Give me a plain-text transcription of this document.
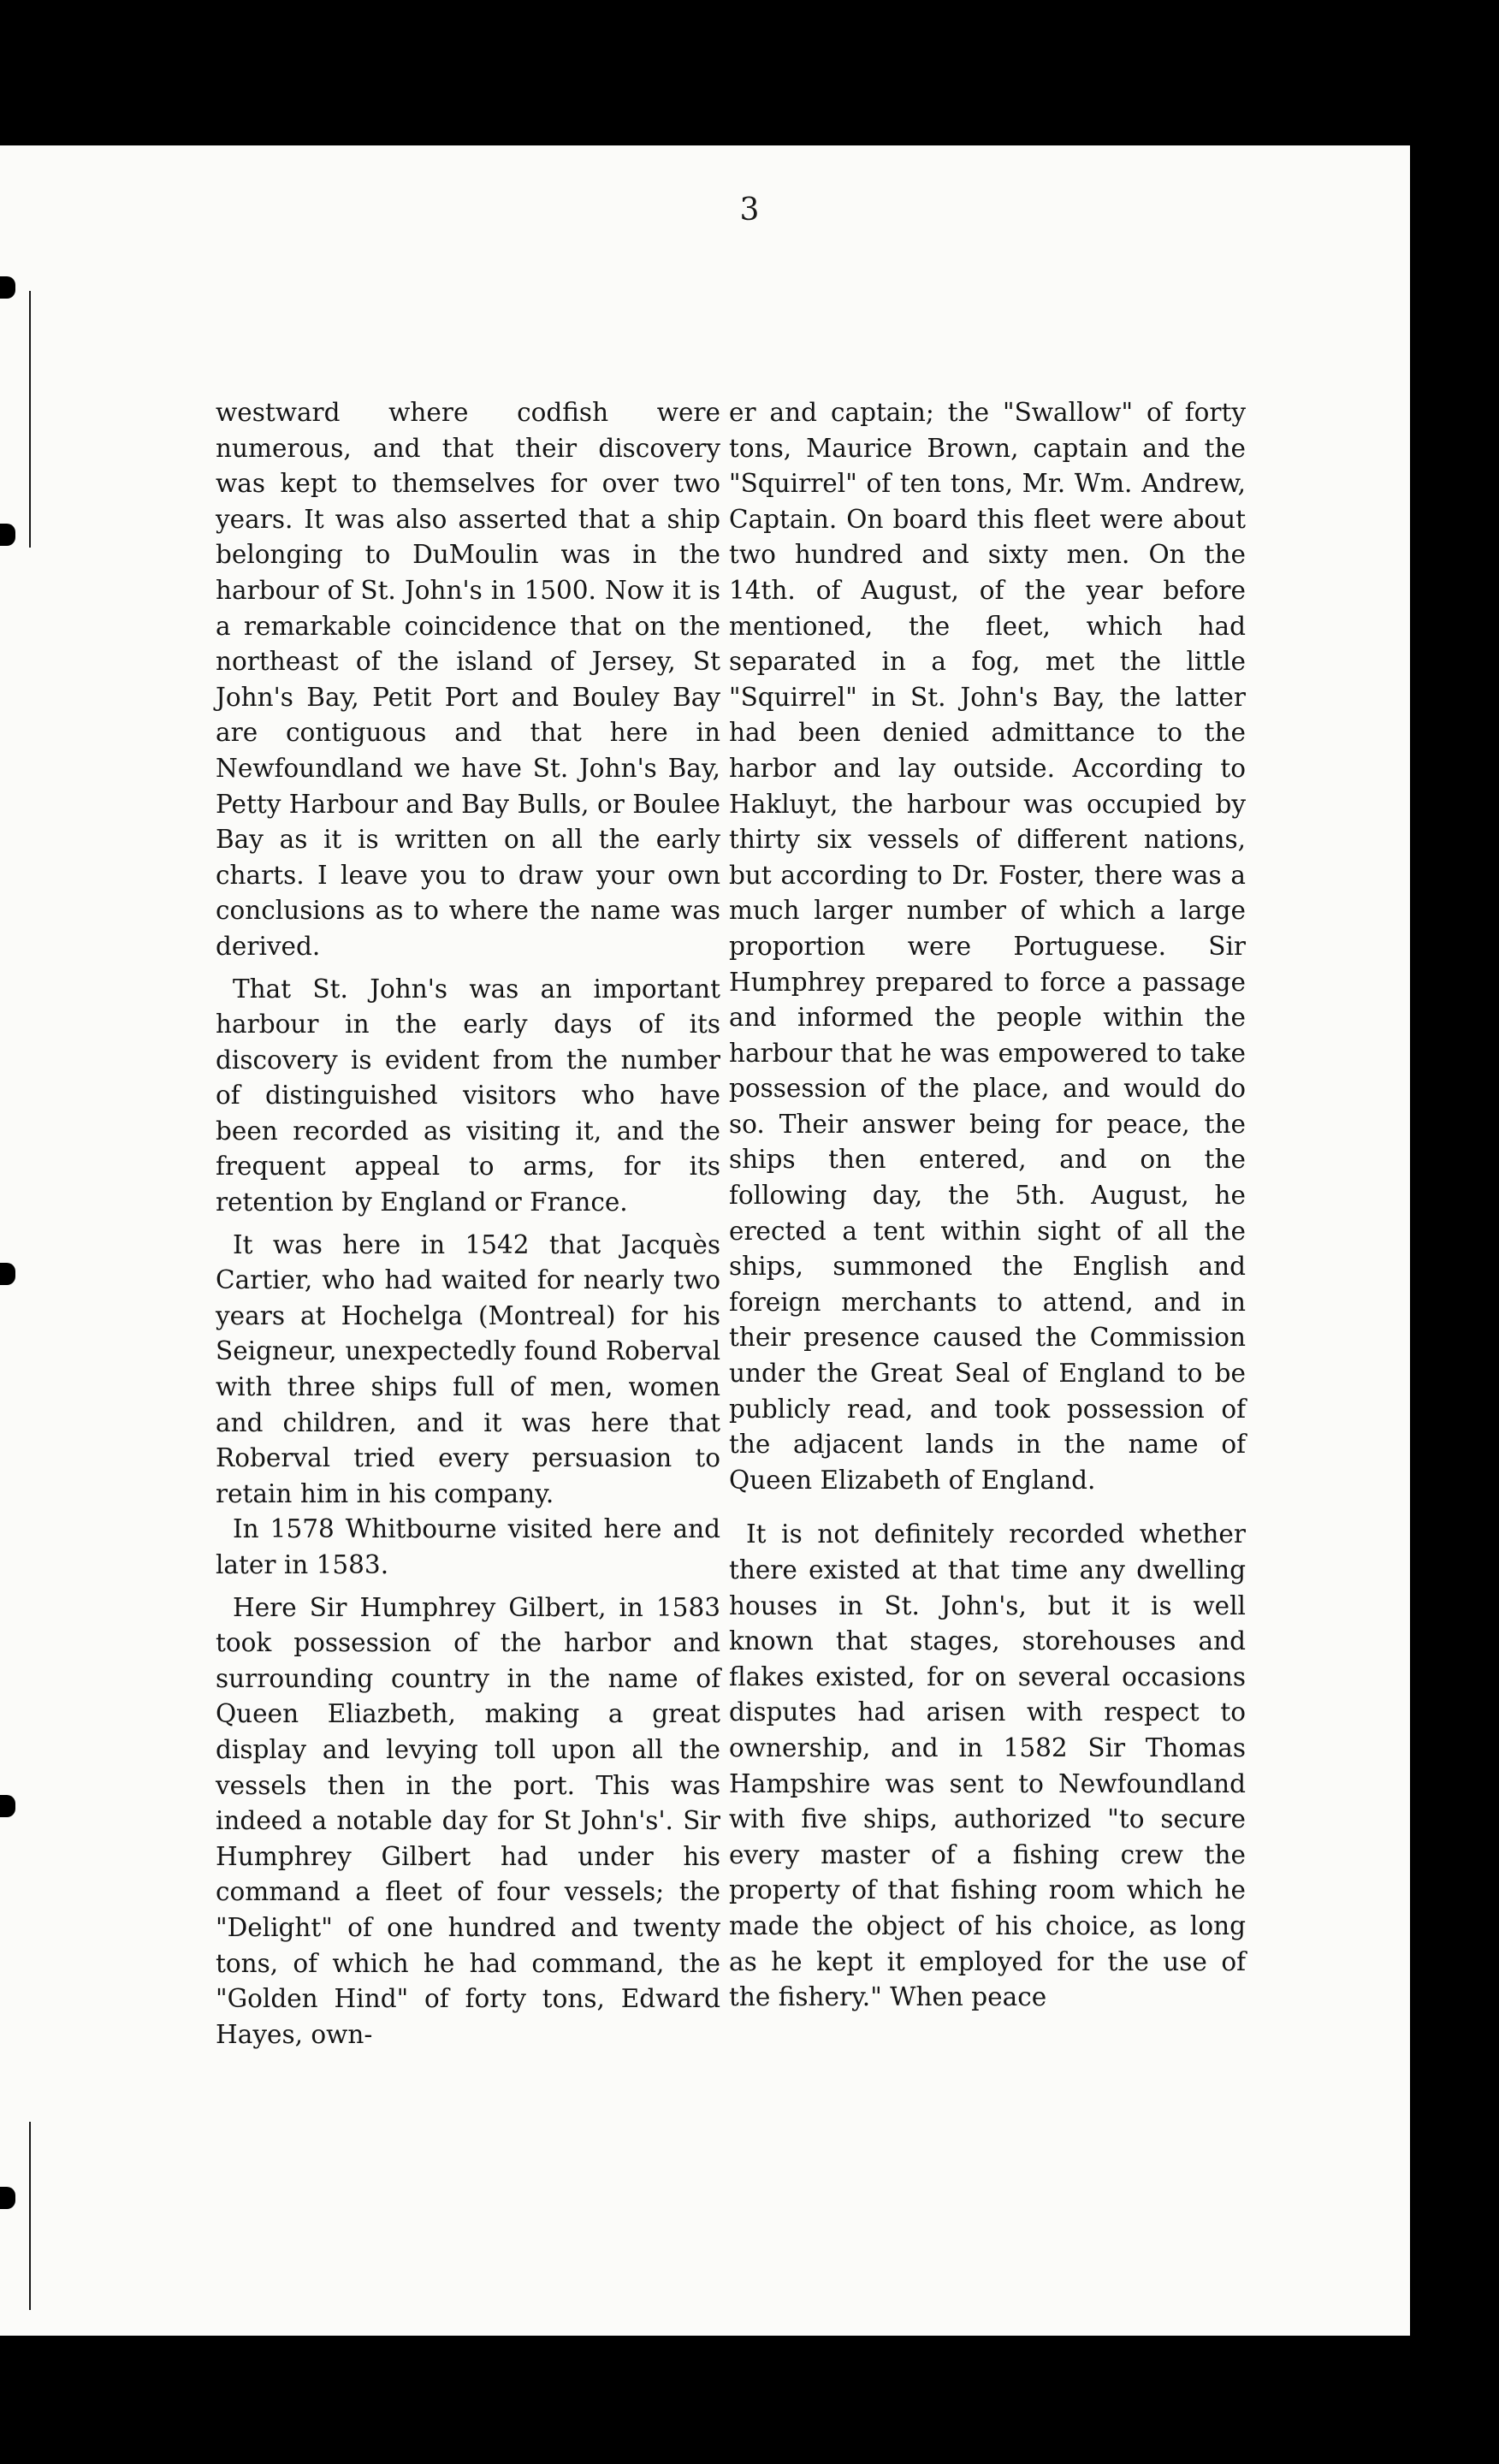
3

westward where codfish were numerous, and that their discovery was kept to themselves for over two years. It was also asserted that a ship belonging to DuMoulin was in the harbour of St. John's in 1500. Now it is a remarkable coincidence that on the northeast of the island of Jersey, St John's Bay, Petit Port and Bouley Bay are contiguous and that here in Newfoundland we have St. John's Bay, Petty Harbour and Bay Bulls, or Boulee Bay as it is written on all the early charts. I leave you to draw your own conclusions as to where the name was derived.

That St. John's was an important harbour in the early days of its discovery is evident from the number of distinguished visitors who have been recorded as visiting it, and the frequent appeal to arms, for its retention by England or France.

It was here in 1542 that Jacquès Cartier, who had waited for nearly two years at Hochelga (Montreal) for his Seigneur, unexpectedly found Roberval with three ships full of men, women and children, and it was here that Roberval tried every persuasion to retain him in his company.

In 1578 Whitbourne visited here and later in 1583.

Here Sir Humphrey Gilbert, in 1583 took possession of the harbor and surrounding country in the name of Queen Eliazbeth, making a great display and levying toll upon all the vessels then in the port. This was indeed a notable day for St John's'. Sir Humphrey Gilbert had under his command a fleet of four vessels; the "Delight" of one hundred and twenty tons, of which he had command, the "Golden Hind" of forty tons, Edward Hayes, own-

er and captain; the "Swallow" of forty tons, Maurice Brown, captain and the "Squirrel" of ten tons, Mr. Wm. Andrew, Captain. On board this fleet were about two hundred and sixty men. On the 14th. of August, of the year before mentioned, the fleet, which had separated in a fog, met the little "Squirrel" in St. John's Bay, the latter had been denied admittance to the harbor and lay outside. According to Hakluyt, the harbour was occupied by thirty six vessels of different nations, but according to Dr. Foster, there was a much larger number of which a large proportion were Portuguese. Sir Humphrey prepared to force a passage and informed the people within the harbour that he was empowered to take possession of the place, and would do so. Their answer being for peace, the ships then entered, and on the following day, the 5th. August, he erected a tent within sight of all the ships, summoned the English and foreign merchants to attend, and in their presence caused the Commission under the Great Seal of England to be publicly read, and took possession of the adjacent lands in the name of Queen Elizabeth of England.

It is not definitely recorded whether there existed at that time any dwelling houses in St. John's, but it is well known that stages, storehouses and flakes existed, for on several occasions disputes had arisen with respect to ownership, and in 1582 Sir Thomas Hampshire was sent to Newfoundland with five ships, authorized "to secure every master of a fishing crew the property of that fishing room which he made the object of his choice, as long as he kept it employed for the use of the fishery." When peace
